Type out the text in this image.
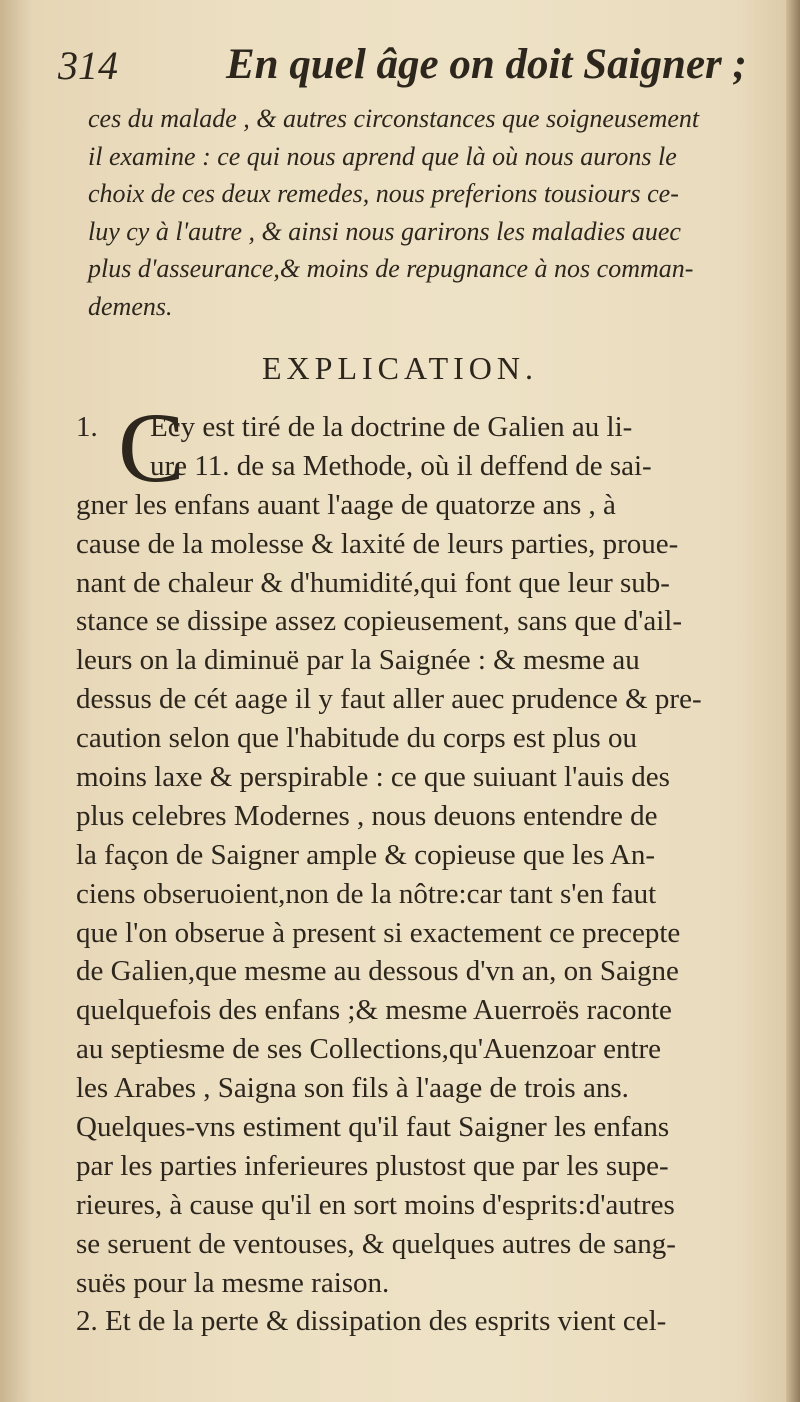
314	En quel âge on doit Saigner ;
ces du malade , & autres circonstances que soigneusement
il examine : ce qui nous aprend que là où nous aurons le
choix de ces deux remedes, nous preferions tousiours ce-
luy cy à l'autre , & ainsi nous garirons les maladies auec
plus d'asseurance,& moins de repugnance à nos comman-
demens.
EXPLICATION.
C
1. Ecy est tiré de la doctrine de Galien au li-
ure 11. de sa Methode, où il deffend de sai-
gner les enfans auant l'aage de quatorze ans , à
cause de la molesse & laxité de leurs parties, proue-
nant de chaleur & d'humidité,qui font que leur sub-
stance se dissipe assez copieusement, sans que d'ail-
leurs on la diminuë par la Saignée : & mesme au
dessus de cét aage il y faut aller auec prudence & pre-
caution selon que l'habitude du corps est plus ou
moins laxe & perspirable : ce que suiuant l'auis des
plus celebres Modernes , nous deuons entendre de
la façon de Saigner ample & copieuse que les An-
ciens obseruoient,non de la nôtre:car tant s'en faut
que l'on obserue à present si exactement ce precepte
de Galien,que mesme au dessous d'vn an, on Saigne
quelquefois des enfans ;& mesme Auerroës raconte
au septiesme de ses Collections,qu'Auenzoar entre
les Arabes , Saigna son fils à l'aage de trois ans.
Quelques-vns estiment qu'il faut Saigner les enfans
par les parties inferieures plustost que par les supe-
rieures, à cause qu'il en sort moins d'esprits:d'autres
se seruent de ventouses, & quelques autres de sang-
suës pour la mesme raison.
2. Et de la perte & dissipation des esprits vient cel-
